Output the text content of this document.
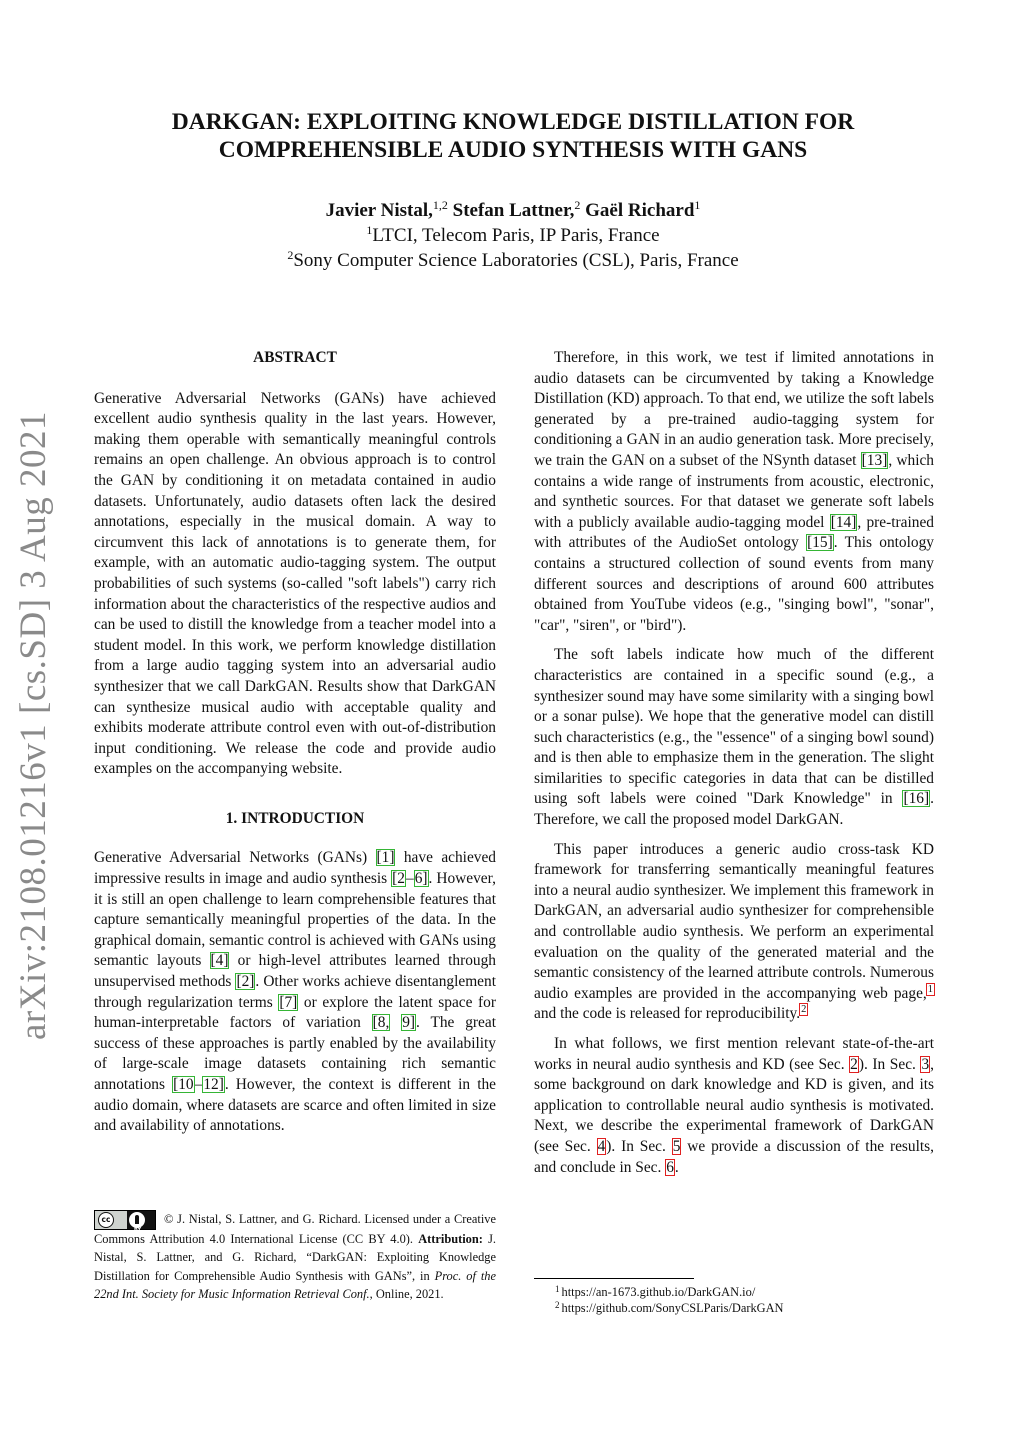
arXiv:2108.01216v1 [cs.SD] 3 Aug 2021
DARKGAN: EXPLOITING KNOWLEDGE DISTILLATION FOR
COMPREHENSIBLE AUDIO SYNTHESIS WITH GANS
Javier Nistal,$^{1,2}$ Stefan Lattner,$^2$ Gaël Richard$^1$
$^1$LTCI, Telecom Paris, IP Paris, France
$^2$Sony Computer Science Laboratories (CSL), Paris, France
ABSTRACT
Generative Adversarial Networks (GANs) have achieved excellent audio synthesis quality in the last years. However, making them operable with semantically meaningful controls remains an open challenge. An obvious approach is to control the GAN by conditioning it on metadata contained in audio datasets. Unfortunately, audio datasets often lack the desired annotations, especially in the musical domain. A way to circumvent this lack of annotations is to generate them, for example, with an automatic audio-tagging system. The output probabilities of such systems (so-called "soft labels") carry rich information about the characteristics of the respective audios and can be used to distill the knowledge from a teacher model into a student model. In this work, we perform knowledge distillation from a large audio tagging system into an adversarial audio synthesizer that we call DarkGAN. Results show that DarkGAN can synthesize musical audio with acceptable quality and exhibits moderate attribute control even with out-of-distribution input conditioning. We release the code and provide audio examples on the accompanying website.
1. INTRODUCTION
Generative Adversarial Networks (GANs) [1] have achieved impressive results in image and audio synthesis [2–6]. However, it is still an open challenge to learn comprehensible features that capture semantically meaningful properties of the data. In the graphical domain, semantic control is achieved with GANs using semantic layouts [4] or high-level attributes learned through unsupervised methods [2]. Other works achieve disentanglement through regularization terms [7] or explore the latent space for human-interpretable factors of variation [8, 9]. The great success of these approaches is partly enabled by the availability of large-scale image datasets containing rich semantic annotations [10–12]. However, the context is different in the audio domain, where datasets are scarce and often limited in size and availability of annotations.
cc
BY
© J. Nistal, S. Lattner, and G. Richard. Licensed under a Creative Commons Attribution 4.0 International License (CC BY 4.0). Attribution: J. Nistal, S. Lattner, and G. Richard, “DarkGAN: Exploiting Knowledge Distillation for Comprehensible Audio Synthesis with GANs”, in Proc. of the 22nd Int. Society for Music Information Retrieval Conf., Online, 2021.
Therefore, in this work, we test if limited annotations in audio datasets can be circumvented by taking a Knowledge Distillation (KD) approach. To that end, we utilize the soft labels generated by a pre-trained audio-tagging system for conditioning a GAN in an audio generation task. More precisely, we train the GAN on a subset of the NSynth dataset [13], which contains a wide range of instruments from acoustic, electronic, and synthetic sources. For that dataset we generate soft labels with a publicly available audio-tagging model [14], pre-trained with attributes of the AudioSet ontology [15]. This ontology contains a structured collection of sound events from many different sources and descriptions of around 600 attributes obtained from YouTube videos (e.g., "singing bowl", "sonar", "car", "siren", or "bird").
The soft labels indicate how much of the different characteristics are contained in a specific sound (e.g., a synthesizer sound may have some similarity with a singing bowl or a sonar pulse). We hope that the generative model can distill such characteristics (e.g., the "essence" of a singing bowl sound) and is then able to emphasize them in the generation. The slight similarities to specific categories in data that can be distilled using soft labels were coined "Dark Knowledge" in [16]. Therefore, we call the proposed model DarkGAN.
This paper introduces a generic audio cross-task KD framework for transferring semantically meaningful features into a neural audio synthesizer. We implement this framework in DarkGAN, an adversarial audio synthesizer for comprehensible and controllable audio synthesis. We perform an experimental evaluation on the quality of the generated material and the semantic consistency of the learned attribute controls. Numerous audio examples are provided in the accompanying web page,$^1$ and the code is released for reproducibility.$^2$
In what follows, we first mention relevant state-of-the-art works in neural audio synthesis and KD (see Sec. 2). In Sec. 3, some background on dark knowledge and KD is given, and its application to controllable neural audio synthesis is motivated. Next, we describe the experimental framework of DarkGAN (see Sec. 4). In Sec. 5 we provide a discussion of the results, and conclude in Sec. 6.
$^1$ https://an-1673.github.io/DarkGAN.io/
$^2$ https://github.com/SonyCSLParis/DarkGAN
